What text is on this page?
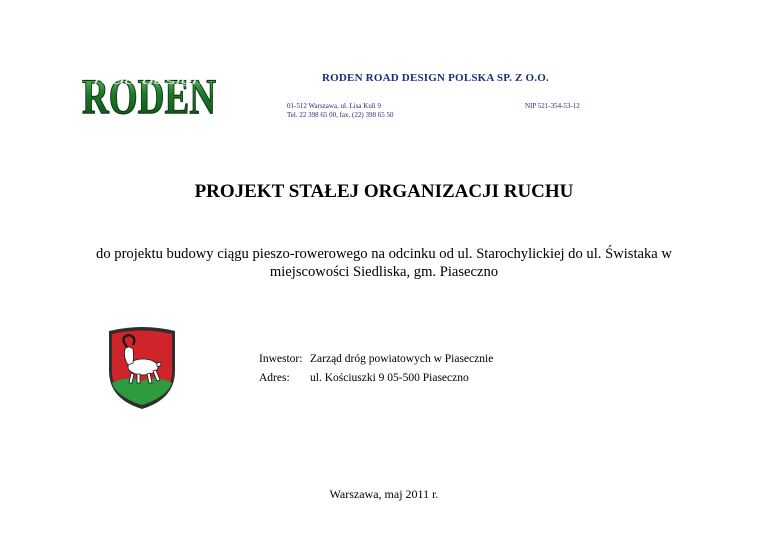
RODEN
road design	RODEN ROAD DESIGN POLSKA SP. Z O.O.
01-512 Warszawa, ul. Lisa Kuli 9
Tel. 22 398 65 00, fax. (22) 398 65 50
NIP 521-354-53-12
PROJEKT STAŁEJ ORGANIZACJI RUCHU
do projektu budowy ciągu pieszo-rowerowego na odcinku od ul. Starochylickiej do ul. Świstaka w
miejscowości Siedliska, gm. Piaseczno
Inwestor: Zarząd dróg powiatowych w Piasecznie
Adres: ul. Kościuszki 9 05-500 Piaseczno
Warszawa, maj 2011 r.
